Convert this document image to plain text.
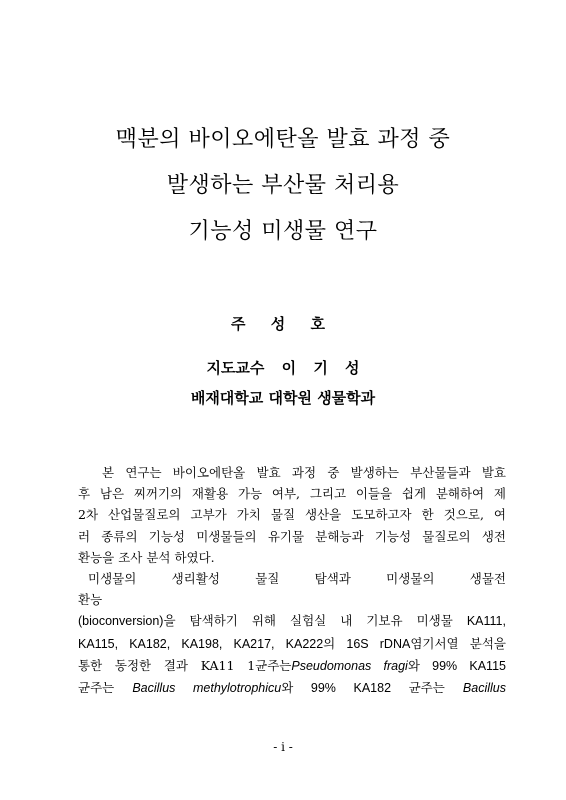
맥분의 바이오에탄올 발효 과정 중
발생하는 부산물 처리용
기능성 미생물 연구
주 성 호
지도교수 이 기 성
배재대학교 대학원 생물학과

본 연구는 바이오에탄올 발효 과정 중 발생하는 부산물들과 발효

후 남은 찌꺼기의 재활용 가능 여부, 그리고 이들을 쉽게 분해하여 제

2차 산업물질로의 고부가 가치 물질 생산을 도모하고자 한 것으로, 여

러 종류의 기능성 미생물들의 유기물 분해능과 기능성 물질로의 생전

환능을 조사 분석 하였다.

미생물의 생리활성 물질 탐색과 미생물의 생물전환능

(bioconversion)을 탐색하기 위해 실험실 내 기보유 미생물 KA111,

KA115, KA182, KA198, KA217, KA222의 16S rDNA염기서열 분석을

통한 동정한 결과 KA11 1균주는Pseudomonas fragi와 99% KA115

균주는 Bacillus methylotrophicu와 99% KA182 균주는 Bacillus

- i -
